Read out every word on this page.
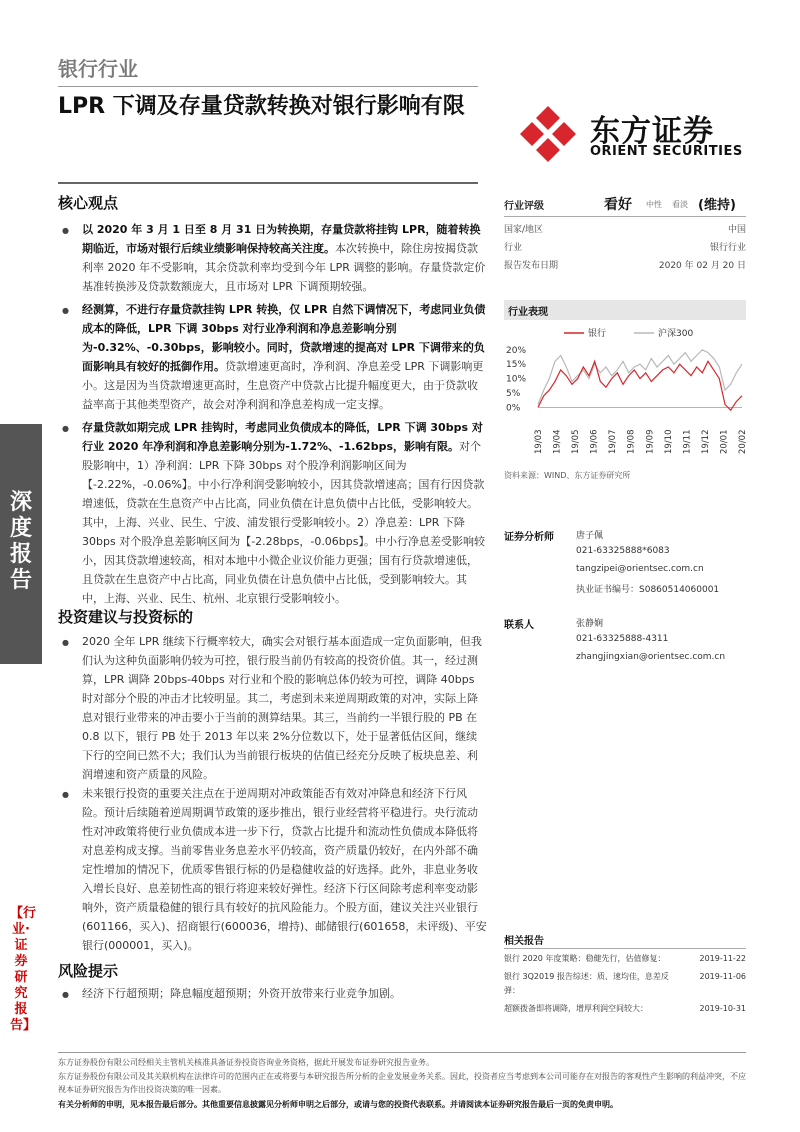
银行行业
LPR 下调及存量贷款转换对银行影响有限
东方证券
ORIENT SECURITIES
深度报告
【行业·证券研究报告】
核心观点
● 以 2020 年 3 月 1 日至 8 月 31 日为转换期，存量贷款将挂钩 LPR，随着转换期临近，市场对银行后续业绩影响保持较高关注度。本次转换中，除住房按揭贷款利率 2020 年不受影响，其余贷款利率均受到今年 LPR 调整的影响。存量贷款定价基准转换涉及贷款数额庞大，且市场对 LPR 下调预期较强。
● 经测算，不进行存量贷款挂钩 LPR 转换，仅 LPR 自然下调情况下，考虑同业负债成本的降低，LPR 下调 30bps 对行业净利润和净息差影响分别为-0.32%、-0.30bps，影响较小。同时，贷款增速的提高对 LPR 下调带来的负面影响具有较好的抵御作用。贷款增速更高时，净利润、净息差受 LPR 下调影响更小。这是因为当贷款增速更高时，生息资产中贷款占比提升幅度更大，由于贷款收益率高于其他类型资产，故会对净利润和净息差构成一定支撑。
● 存量贷款如期完成 LPR 挂钩时，考虑同业负债成本的降低，LPR 下调 30bps 对行业 2020 年净利润和净息差影响分别为-1.72%、-1.62bps，影响有限。对个股影响中，1）净利润：LPR 下降 30bps 对个股净利润影响区间为【-2.22%，-0.06%】。中小行净利润受影响较小，因其贷款增速高；国有行因贷款增速低，贷款在生息资产中占比高，同业负债在计息负债中占比低，受影响较大。其中，上海、兴业、民生、宁波、浦发银行受影响较小。2）净息差：LPR 下降 30bps 对个股净息差影响区间为【-2.28bps，-0.06bps】。中小行净息差受影响较小，因其贷款增速较高，相对本地中小微企业议价能力更强；国有行贷款增速低，且贷款在生息资产中占比高，同业负债在计息负债中占比低，受到影响较大。其中，上海、兴业、民生、杭州、北京银行受影响较小。
投资建议与投资标的
● 2020 全年 LPR 继续下行概率较大，确实会对银行基本面造成一定负面影响，但我们认为这种负面影响仍较为可控，银行股当前仍有较高的投资价值。其一，经过测算，LPR 调降 20bps-40bps 对行业和个股的影响总体仍较为可控，调降 40bps 时对部分个股的冲击才比较明显。其二，考虑到未来逆周期政策的对冲，实际上降息对银行业带来的冲击要小于当前的测算结果。其三，当前约一半银行股的 PB 在 0.8 以下，银行 PB 处于 2013 年以来 2%分位数以下，处于显著低估区间，继续下行的空间已然不大；我们认为当前银行板块的估值已经充分反映了板块息差、利润增速和资产质量的风险。
● 未来银行投资的重要关注点在于逆周期对冲政策能否有效对冲降息和经济下行风险。预计后续随着逆周期调节政策的逐步推出，银行业经营将平稳进行。央行流动性对冲政策将使行业负债成本进一步下行，贷款占比提升和流动性负债成本降低将对息差构成支撑。当前零售业务息差水平仍较高，资产质量仍较好，在内外部不确定性增加的情况下，优质零售银行标的仍是稳健收益的好选择。此外，非息业务收入增长良好、息差韧性高的银行将迎来较好弹性。经济下行区间除考虑利率变动影响外，资产质量稳健的银行具有较好的抗风险能力。个股方面，建议关注兴业银行(601166，买入)、招商银行(600036，增持)、邮储银行(601658，未评级)、平安银行(000001，买入)。
风险提示
● 经济下行超预期；降息幅度超预期；外资开放带来行业竞争加剧。
行业评级	看好 中性 看淡 (维持)
国家/地区	中国
行业	银行行业
报告发布日期	2020 年 02 月 20 日
行业表现
银行	沪深300
20%
15%
10%
5%
0%
19/03 19/04 19/05 19/06 19/07 19/08 19/09 19/10 19/11 19/12 20/01 20/02
资料来源：WIND、东方证券研究所
证券分析师 唐子佩
021-63325888*6083
tangzipei@orientsec.com.cn
执业证书编号：S0860514060001
联系人	张静娴
021-63325888-4311
zhangjingxian@orientsec.com.cn
相关报告
银行 2020 年度策略：稳健先行，估值修复：	2019-11-22
银行 3Q2019 报告综述：质、速均佳，息差反弹：
2019-11-06
超额拨备即将调降，增厚利润空间较大：	2019-10-31
东方证券股份有限公司经相关主管机关核准具备证券投资咨询业务资格，据此开展发布证券研究报告业务。
东方证券股份有限公司及其关联机构在法律许可的范围内正在或将要与本研究报告所分析的企业发展业务关系。因此，投资者应当考虑到本公司可能存在对报告的客观性产生影响的利益冲突，不应视本证券研究报告为作出投资决策的唯一因素。
有关分析师的申明，见本报告最后部分。其他重要信息披露见分析师申明之后部分，或请与您的投资代表联系。并请阅读本证券研究报告最后一页的免责申明。
